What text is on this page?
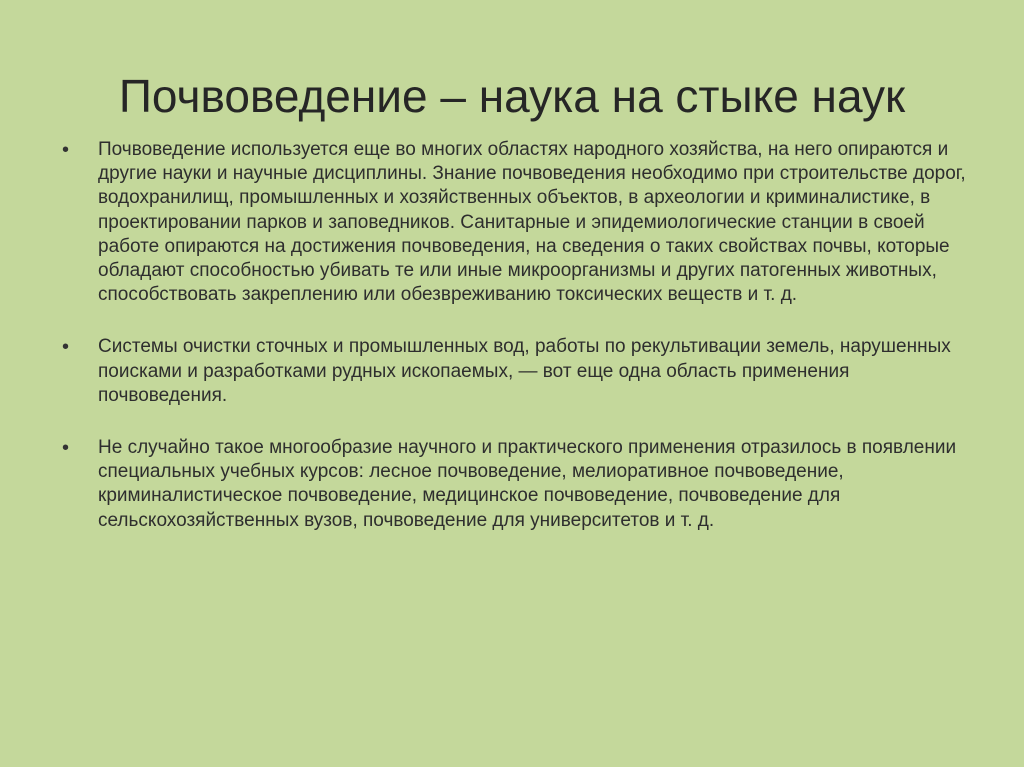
Почвоведение – наука на стыке наук
• Почвоведение используется еще во многих областях народного хозяйства, на него опираются и другие науки и научные дисциплины. Знание почвоведения необходимо при строительстве дорог, водохранилищ, промышленных и хозяйственных объектов, в археологии и криминалистике, в проектировании парков и заповедников. Санитарные и эпидемиологические станции в своей работе опираются на достижения почвоведения, на сведения о таких свойствах почвы, которые обладают способностью убивать те или иные микроорганизмы и других патогенных животных, способствовать закреплению или обезвреживанию токсических веществ и т. д.
• Системы очистки сточных и промышленных вод, работы по рекультивации земель, нарушенных поисками и разработками рудных ископаемых, — вот еще одна область применения почвоведения.
• Не случайно такое многообразие научного и практического применения отразилось в появлении специальных учебных курсов: лесное почвоведение, мелиоративное почвоведение, криминалистическое почвоведение, медицинское почвоведение, почвоведение для сельскохозяйственных вузов, почвоведение для университетов и т. д.
